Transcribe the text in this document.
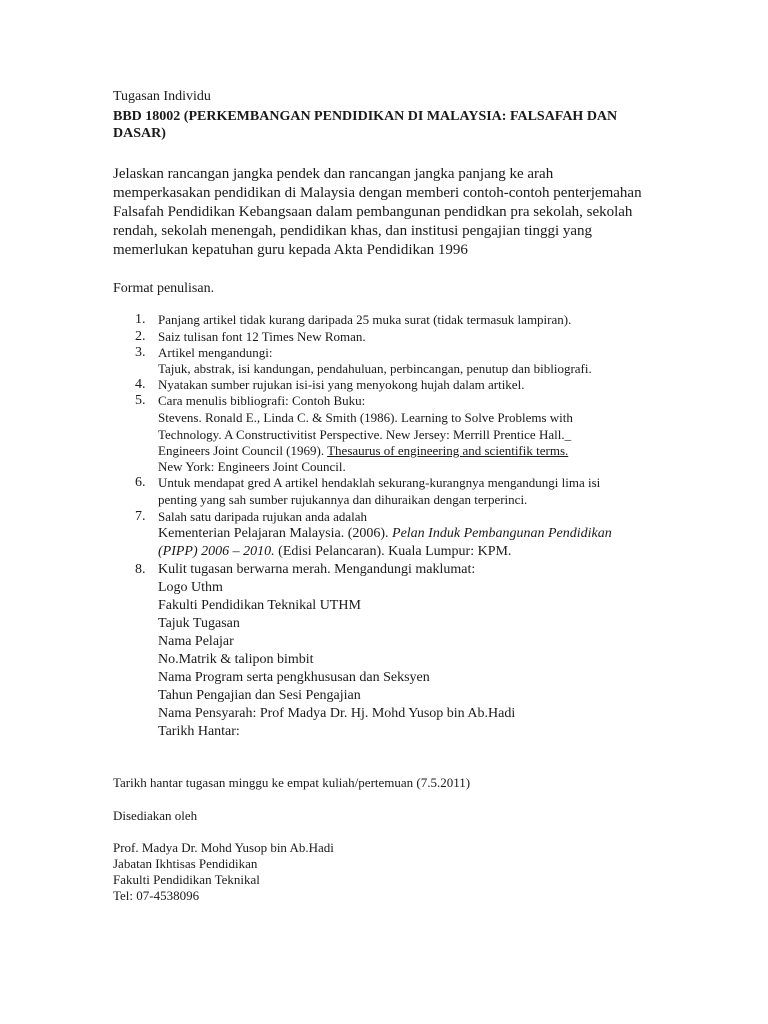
Tugasan Individu
BBD 18002 (PERKEMBANGAN PENDIDIKAN DI MALAYSIA: FALSAFAH DAN
DASAR)
Jelaskan rancangan jangka pendek dan rancangan jangka panjang ke arah
memperkasakan pendidikan di Malaysia dengan memberi contoh-contoh penterjemahan
Falsafah Pendidikan Kebangsaan dalam pembangunan pendidkan pra sekolah, sekolah
rendah, sekolah menengah, pendidikan khas, dan institusi pengajian tinggi yang
memerlukan kepatuhan guru kepada Akta Pendidikan 1996
Format penulisan.
1. Panjang artikel tidak kurang daripada 25 muka surat (tidak termasuk lampiran).
2. Saiz tulisan font 12 Times New Roman.
3. Artikel mengandungi:
Tajuk, abstrak, isi kandungan, pendahuluan, perbincangan, penutup dan bibliografi.
4. Nyatakan sumber rujukan isi-isi yang menyokong hujah dalam artikel.
5. Cara menulis bibliografi: Contoh Buku:
Stevens. Ronald E., Linda C. & Smith (1986). Learning to Solve Problems with
Technology. A Constructivitist Perspective. New Jersey: Merrill Prentice Hall._
Engineers Joint Council (1969). Thesaurus of engineering and scientifik terms.
New York: Engineers Joint Council.
6. Untuk mendapat gred A artikel hendaklah sekurang-kurangnya mengandungi lima isi
penting yang sah sumber rujukannya dan dihuraikan dengan terperinci.
7. Salah satu daripada rujukan anda adalah
Kementerian Pelajaran Malaysia. (2006). Pelan Induk Pembangunan Pendidikan
(PIPP) 2006 – 2010. (Edisi Pelancaran). Kuala Lumpur: KPM.
8. Kulit tugasan berwarna merah. Mengandungi maklumat:
Logo Uthm
Fakulti Pendidikan Teknikal UTHM
Tajuk Tugasan
Nama Pelajar
No.Matrik & talipon bimbit
Nama Program serta pengkhususan dan Seksyen
Tahun Pengajian dan Sesi Pengajian
Nama Pensyarah: Prof Madya Dr. Hj. Mohd Yusop bin Ab.Hadi
Tarikh Hantar:
Tarikh hantar tugasan minggu ke empat kuliah/pertemuan (7.5.2011)
Disediakan oleh
Prof. Madya Dr. Mohd Yusop bin Ab.Hadi
Jabatan Ikhtisas Pendidikan
Fakulti Pendidikan Teknikal
Tel: 07-4538096
